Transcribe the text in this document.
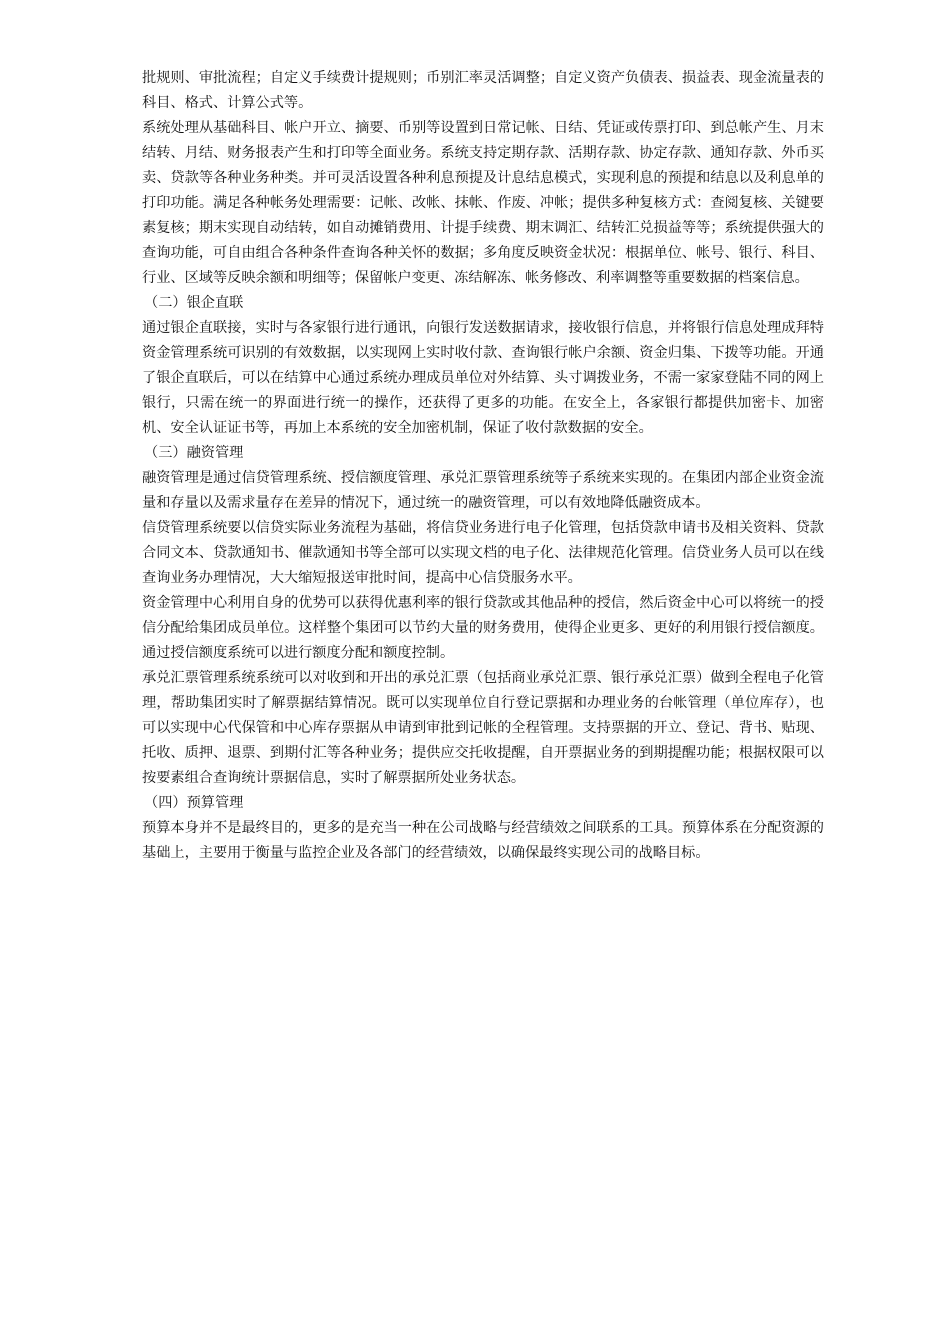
批规则、审批流程；自定义手续费计提规则；币别汇率灵活调整；自定义资产负债表、损益表、现金流量表的科目、格式、计算公式等。

系统处理从基础科目、帐户开立、摘要、币别等设置到日常记帐、日结、凭证或传票打印、到总帐产生、月末结转、月结、财务报表产生和打印等全面业务。系统支持定期存款、活期存款、协定存款、通知存款、外币买卖、贷款等各种业务种类。并可灵活设置各种利息预提及计息结息模式，实现利息的预提和结息以及利息单的打印功能。满足各种帐务处理需要：记帐、改帐、抹帐、作废、冲帐；提供多种复核方式：查阅复核、关键要素复核；期末实现自动结转，如自动摊销费用、计提手续费、期末调汇、结转汇兑损益等等；系统提供强大的查询功能，可自由组合各种条件查询各种关怀的数据；多角度反映资金状况：根据单位、帐号、银行、科目、行业、区域等反映余额和明细等；保留帐户变更、冻结解冻、帐务修改、利率调整等重要数据的档案信息。

（二）银企直联

通过银企直联接，实时与各家银行进行通讯，向银行发送数据请求，接收银行信息，并将银行信息处理成拜特资金管理系统可识别的有效数据，以实现网上实时收付款、查询银行帐户余额、资金归集、下拨等功能。开通了银企直联后，可以在结算中心通过系统办理成员单位对外结算、头寸调拨业务，不需一家家登陆不同的网上银行，只需在统一的界面进行统一的操作，还获得了更多的功能。在安全上，各家银行都提供加密卡、加密机、安全认证证书等，再加上本系统的安全加密机制，保证了收付款数据的安全。

（三）融资管理

融资管理是通过信贷管理系统、授信额度管理、承兑汇票管理系统等子系统来实现的。在集团内部企业资金流量和存量以及需求量存在差异的情况下，通过统一的融资管理，可以有效地降低融资成本。

信贷管理系统要以信贷实际业务流程为基础，将信贷业务进行电子化管理，包括贷款申请书及相关资料、贷款合同文本、贷款通知书、催款通知书等全部可以实现文档的电子化、法律规范化管理。信贷业务人员可以在线查询业务办理情况，大大缩短报送审批时间，提高中心信贷服务水平。

资金管理中心利用自身的优势可以获得优惠利率的银行贷款或其他品种的授信，然后资金中心可以将统一的授信分配给集团成员单位。这样整个集团可以节约大量的财务费用，使得企业更多、更好的利用银行授信额度。通过授信额度系统可以进行额度分配和额度控制。

承兑汇票管理系统系统可以对收到和开出的承兑汇票（包括商业承兑汇票、银行承兑汇票）做到全程电子化管理，帮助集团实时了解票据结算情况。既可以实现单位自行登记票据和办理业务的台帐管理（单位库存），也可以实现中心代保管和中心库存票据从申请到审批到记帐的全程管理。支持票据的开立、登记、背书、贴现、托收、质押、退票、到期付汇等各种业务；提供应交托收提醒，自开票据业务的到期提醒功能；根据权限可以按要素组合查询统计票据信息，实时了解票据所处业务状态。

（四）预算管理

预算本身并不是最终目的，更多的是充当一种在公司战略与经营绩效之间联系的工具。预算体系在分配资源的基础上，主要用于衡量与监控企业及各部门的经营绩效，以确保最终实现公司的战略目标。
